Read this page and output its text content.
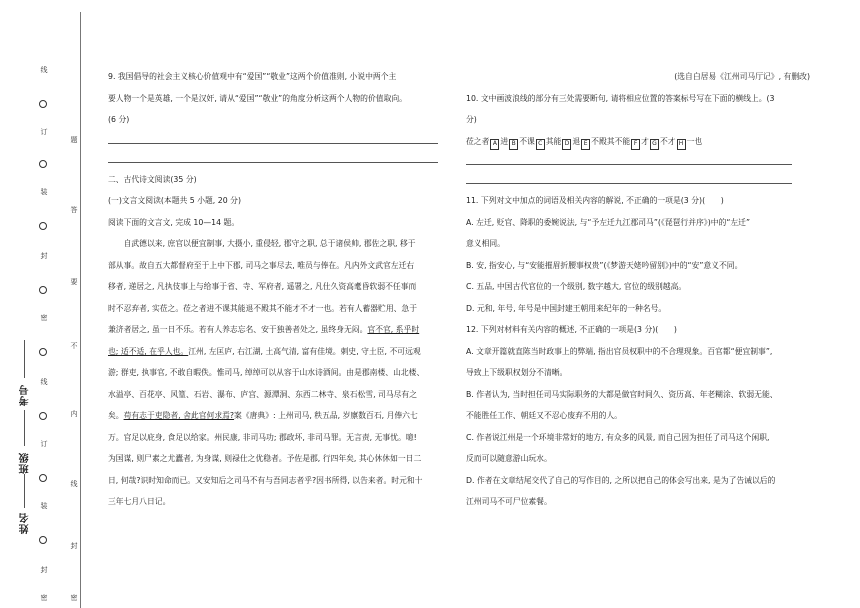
线
订
装
封
密
线
订
装
封
密
题
答
要
不
内
线
封
密
考号
班级
姓名

9. 我国倡导的社会主义核心价值观中有“爱国”“敬业”这两个价值准则, 小说中两个主

要人物一个是英雄, 一个是汉奸, 请从“爱国”“敬业”的角度分析这两个人物的价值取向。

(6 分)

二、古代诗文阅读(35 分)

(一)文言文阅读(本题共 5 小题, 20 分)

阅读下面的文言文, 完成 10—14 题。

自武德以来, 庶官以便宜制事, 大摄小, 重侵轻, 郡守之职, 总于诸侯帅, 郡佐之职, 移于

部从事。故自五大都督府至于上中下郡, 司马之事尽去, 唯员与俸在。凡内外文武官左迁右

移者, 递居之, 凡执伎事上与给事于省、寺、军府者, 遥署之, 凡仕久资高耄昏软弱不任事而

时不忍弃者, 实莅之。莅之者进不课其能退不殿其不能才不才一也。若有人蓄器贮用、急于

兼济者居之, 虽一日不乐。若有人养志忘名、安于独善者处之, 虽终身无闷。官不官, 系乎时

也; 适不适, 在乎人也。江州, 左匡庐, 右江湖, 土高气清, 富有佳境。刺史, 守土臣, 不可远观

游; 群吏, 执事官, 不敢自暇佚。惟司马, 绰绰可以从容于山水诗酒间。由是郡南楼、山北楼、

水溢亭、百花亭、风篁、石岩、瀑布、庐宫、源潭洞、东西二林寺、泉石松雪, 司马尽有之

矣。苟有志于吏隐者, 舍此官何求焉?案《唐典》: 上州司马, 秩五品, 岁廪数百石, 月俸六七

万。官足以庇身, 食足以给家。州民康, 非司马功; 郡政坏, 非司马罪。无言责, 无事忧。噫!

为国谋, 则尸素之尤蠹者, 为身谋, 则禄仕之优稳者。予佐是郡, 行四年矣, 其心休休如一日二

日, 何哉?识时知命而已。又安知后之司马不有与吾同志者乎?因书所得, 以告来者。时元和十

三年七月八日记。

(选自白居易《江州司马厅记》, 有删改)

10. 文中画波浪线的部分有三处需要断句, 请将相应位置的答案标号写在下面的横线上。(3

分)

莅之者 A 进 B 不课 C 其能 D 退 E 不殿其不能 F 才 G 不才 H 一也

11. 下列对文中加点的词语及相关内容的解说, 不正确的一项是(3 分)(　　)

A. 左迁, 贬官、降职的委婉说法, 与“予左迁九江郡司马”(《琵琶行并序》)中的“左迁”

意义相同。

B. 安, 指安心, 与“安能摧眉折腰事权贵”(《梦游天姥吟留别》)中的“安”意义不同。

C. 五品, 中国古代官位的一个级别, 数字越大, 官位的级别越高。

D. 元和, 年号, 年号是中国封建王朝用来纪年的一种名号。

12. 下列对材料有关内容的概述, 不正确的一项是(3 分)(　　)

A. 文章开篇就直陈当时政事上的弊端, 指出官员权职中的不合理现象。百官都“便宜制事”,

导致上下级职权划分不清晰。

B. 作者认为, 当时担任司马实际职务的大都是做官时间久、资历高、年老糊涂、软弱无能、

不能胜任工作、朝廷又不忍心废弃不用的人。

C. 作者说江州是一个环境非常好的地方, 有众多的风景, 而自己因为担任了司马这个闲职,

反而可以随意游山玩水。

D. 作者在文章结尾交代了自己的写作目的, 之所以把自己的体会写出来, 是为了告诫以后的

江州司马不可尸位素餐。
